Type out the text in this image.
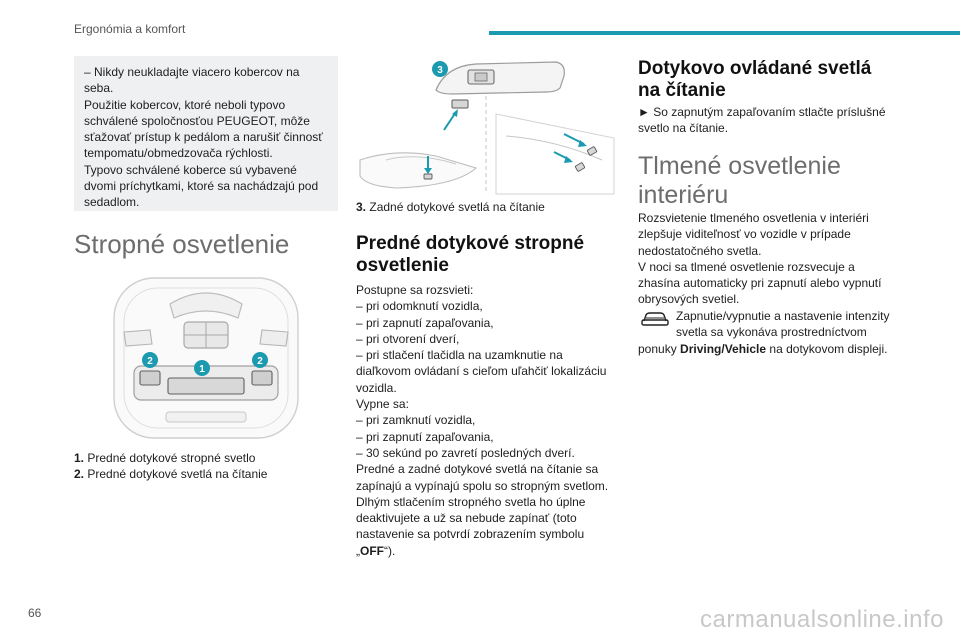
Ergonómia a komfort

– Nikdy neukladajte viacero kobercov na

seba.

Použitie kobercov, ktoré neboli typovo

schválené spoločnosťou PEUGEOT, môže

sťažovať prístup k pedálom a narušiť činnosť

tempomatu/obmedzovača rýchlosti.

Typovo schválené koberce sú vybavené

dvomi príchytkami, ktoré sa nachádzajú pod

sedadlom.

Stropné osvetlenie
2
1
2

1. Predné dotykové stropné svetlo

2. Predné dotykové svetlá na čítanie

3

3. Zadné dotykové svetlá na čítanie

Predné dotykové stropné
osvetlenie

Postupne sa rozsvieti:

– pri odomknutí vozidla,

– pri zapnutí zapaľovania,

– pri otvorení dverí,

– pri stlačení tlačidla na uzamknutie na

diaľkovom ovládaní s cieľom uľahčiť lokalizáciu

vozidla.

Vypne sa:

– pri zamknutí vozidla,

– pri zapnutí zapaľovania,

– 30 sekúnd po zavretí posledných dverí.

Predné a zadné dotykové svetlá na čítanie sa

zapínajú a vypínajú spolu so stropným svetlom.

Dlhým stlačením stropného svetla ho úplne

deaktivujete a už sa nebude zapínať (toto

nastavenie sa potvrdí zobrazením symbolu

„OFF“).

Dotykovo ovládané svetlá
na čítanie

► So zapnutým zapaľovaním stlačte príslušné

svetlo na čítanie.

Tlmené osvetlenie
interiéru

Rozsvietenie tlmeného osvetlenia v interiéri

zlepšuje viditeľnosť vo vozidle v prípade

nedostatočného svetla.

V noci sa tlmené osvetlenie rozsvecuje a

zhasína automaticky pri zapnutí alebo vypnutí

obrysových svetiel.

Zapnutie/vypnutie a nastavenie intenzity

svetla sa vykonáva prostredníctvom

ponuky Driving/Vehicle na dotykovom displeji.

66	carmanualsonline.info
